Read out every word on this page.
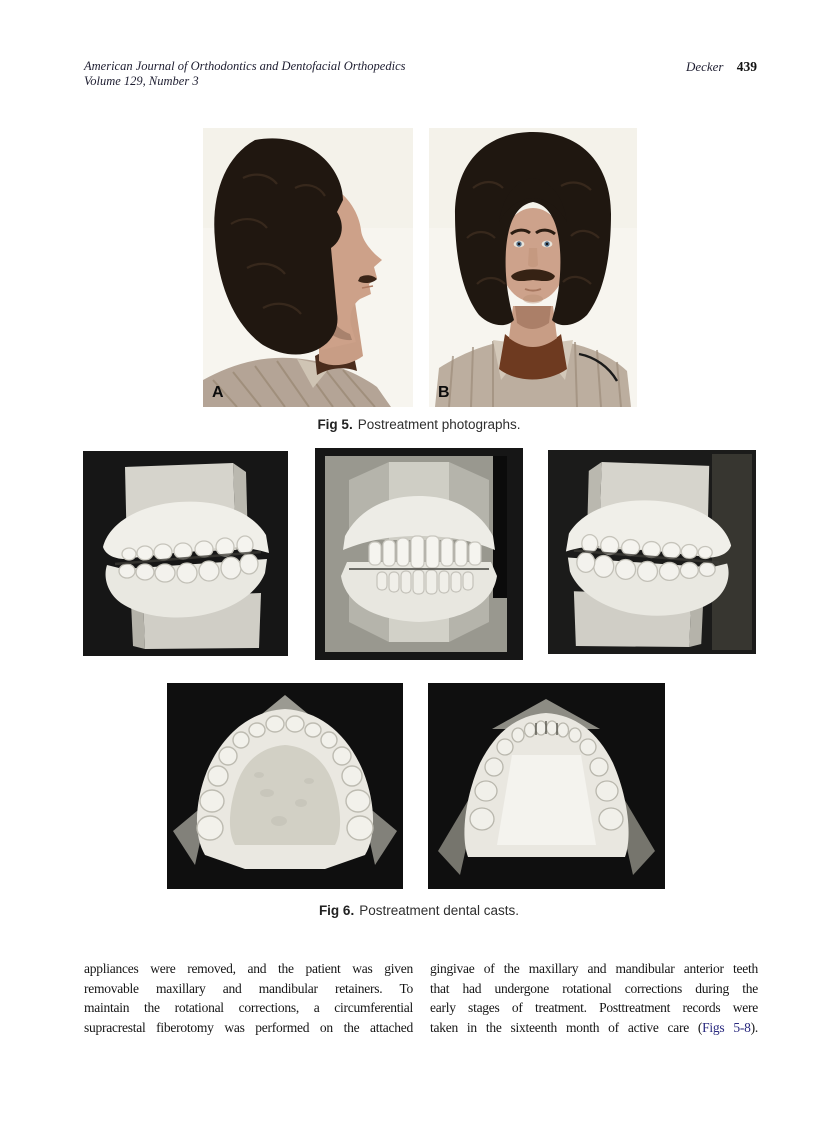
American Journal of Orthodontics and Dentofacial Orthopedics
Volume 129, Number 3
Decker 439
A	B
Fig 5. Postreatment photographs.
Fig 6. Postreatment dental casts.
appliances were removed, and the patient was given
removable maxillary and mandibular retainers. To
maintain the rotational corrections, a circumferential
supracrestal fiberotomy was performed on the attached
gingivae of the maxillary and mandibular anterior teeth
that had undergone rotational corrections during the
early stages of treatment. Posttreatment records were
taken in the sixteenth month of active care (Figs 5-8).
